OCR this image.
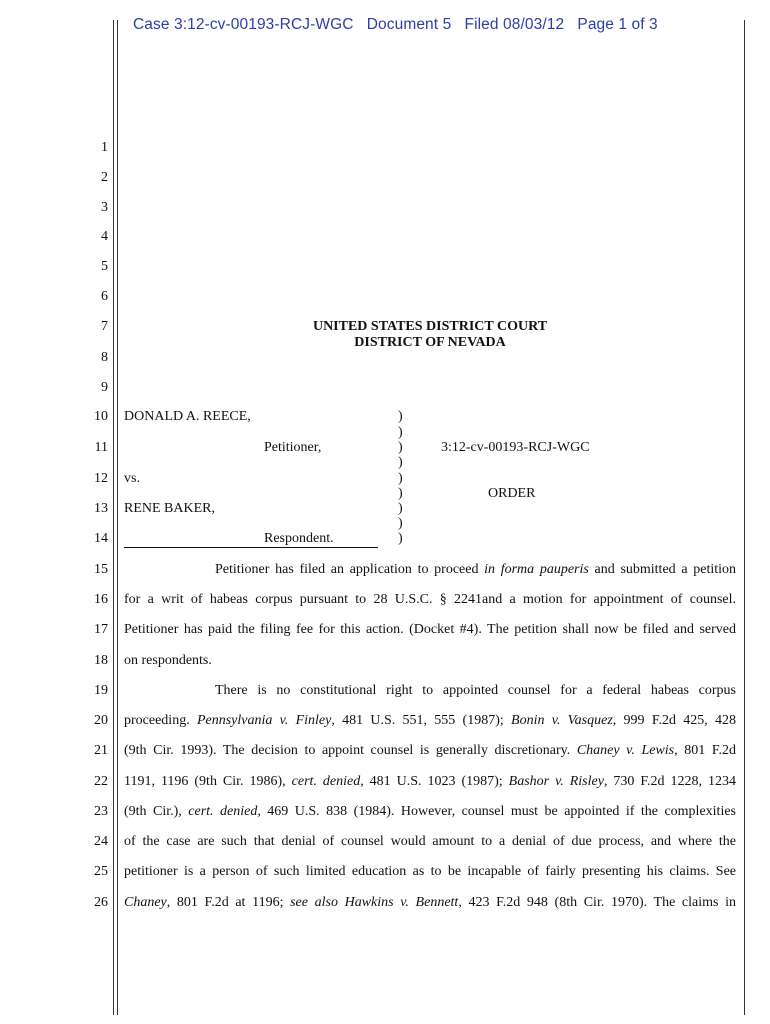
Case 3:12-cv-00193-RCJ-WGC   Document 5   Filed 08/03/12   Page 1 of 3
1
2
3
4
5
6
7
8
9
10
11
12
13
14
15
16
17
18
19
20
21
22
23
24
25
26
UNITED STATES DISTRICT COURT
DISTRICT OF NEVADA
DONALD A. REECE,
Petitioner,	3:12-cv-00193-RCJ-WGC
vs.
ORDER
RENE BAKER,
Respondent.
)
)
)
)
)
)
)
)
)
Petitioner has filed an application to proceed in forma pauperis and submitted a petition
for a writ of habeas corpus pursuant to 28 U.S.C. § 2241and a motion for appointment of counsel.
Petitioner has paid the filing fee for this action. (Docket #4). The petition shall now be filed and served
on respondents.
There is no constitutional right to appointed counsel for a federal habeas corpus
proceeding. Pennsylvania v. Finley, 481 U.S. 551, 555 (1987); Bonin v. Vasquez, 999 F.2d 425, 428
(9th Cir. 1993). The decision to appoint counsel is generally discretionary. Chaney v. Lewis, 801 F.2d
1191, 1196 (9th Cir. 1986), cert. denied, 481 U.S. 1023 (1987); Bashor v. Risley, 730 F.2d 1228, 1234
(9th Cir.), cert. denied, 469 U.S. 838 (1984). However, counsel must be appointed if the complexities
of the case are such that denial of counsel would amount to a denial of due process, and where the
petitioner is a person of such limited education as to be incapable of fairly presenting his claims. See
Chaney, 801 F.2d at 1196; see also Hawkins v. Bennett, 423 F.2d 948 (8th Cir. 1970). The claims in
